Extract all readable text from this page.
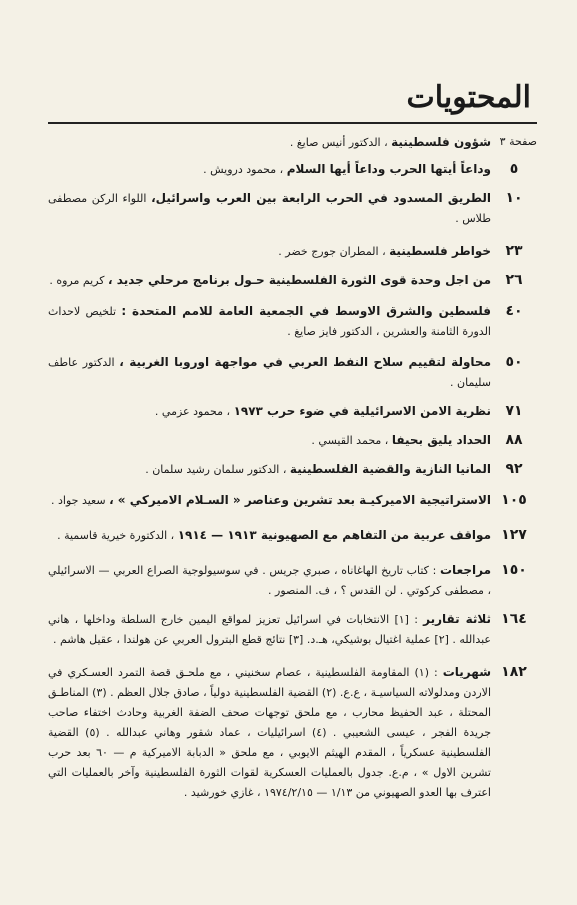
المحتويات
صفحة ٣
شؤون فلسطينية ، الدكتور أنيس صايغ .
٥
وداعاً أيتها الحرب وداعاً أيها السلام ، محمود درويش .
١٠
الطريق المسدود في الحرب الرابعة بين العرب واسرائيل، اللواء الركن مصطفى طلاس .
٢٣
خواطر فلسطينية ، المطران جورج خضر .
٢٦
من اجل وحدة قوى الثورة الفلسطينية حـول برنامج مرحلي جديد ، كريم مروه .
٤٠
فلسطين والشرق الاوسط في الجمعية العامة للامم المتحدة : تلخيص لاحداث الدورة الثامنة والعشرين ، الدكتور فايز صايغ .
٥٠
محاولة لتقييم سلاح النفط العربي في مواجهة اوروبا الغربية ، الدكتور عاطف سليمان .
٧١
نظرية الامن الاسرائيلية في ضوء حرب ١٩٧٣ ، محمود عزمي .
٨٨
الحداد يليق بحيفا ، محمد القيسي .
٩٢
المانيا النازية والقضية الفلسطينية ، الدكتور سلمان رشيد سلمان .
١٠٥
الاستراتيجية الاميركيـة بعد تشرين وعناصر « السـلام الاميركي » ، سعيد جواد .
١٢٧
مواقف عربية من التفاهم مع الصهيونية ١٩١٣ — ١٩١٤ ، الدكتورة خيرية قاسمية .
١٥٠
مراجعات : كتاب تاريخ الهاغاناه ، صبري جريس . في سوسيولوجية الصراع العربي — الاسرائيلي ، مصطفى كركوتي . لن القدس ؟ ، ف. المنصور .
١٦٤
ثلاثة تقارير : [١] الانتخابات في اسرائيل تعزيز لمواقع اليمين خارج السلطة وداخلها ، هاني عبدالله . [٢] عملية اغتيال بوشيكي، هـ.د. [٣] نتائج قطع البترول العربي عن هولندا ، عقيل هاشم .
١٨٢
شهريات : (١) المقاومة الفلسطينية ، عصام سخنيني ، مع ملحـق قصة التمرد العسـكري في الاردن ومدلولاته السياسيـة ، ع.ع. (٢) القضية الفلسطينية دولياً ، صادق جلال العظم . (٣) المناطـق المحتلة ، عبد الحفيظ محارب ، مع ملحق توجهات صحف الضفة الغربية وحادث اختفاء صاحب جريدة الفجر ، عيسى الشعيبي . (٤) اسرائيليات ، عماد شقور وهاني عبدالله . (٥) القضية الفلسطينية عسكرياً ، المقدم الهيثم الايوبي ، مع ملحق « الدبابة الاميركية م — ٦٠ بعد حرب تشرين الاول » ، م.ع. جدول بالعمليات العسكرية لقوات الثورة الفلسطينية وآخر بالعمليات التي اعترف بها العدو الصهيوني من ١/١٣ — ١٩٧٤/٢/١٥ ، غازي خورشيد .
